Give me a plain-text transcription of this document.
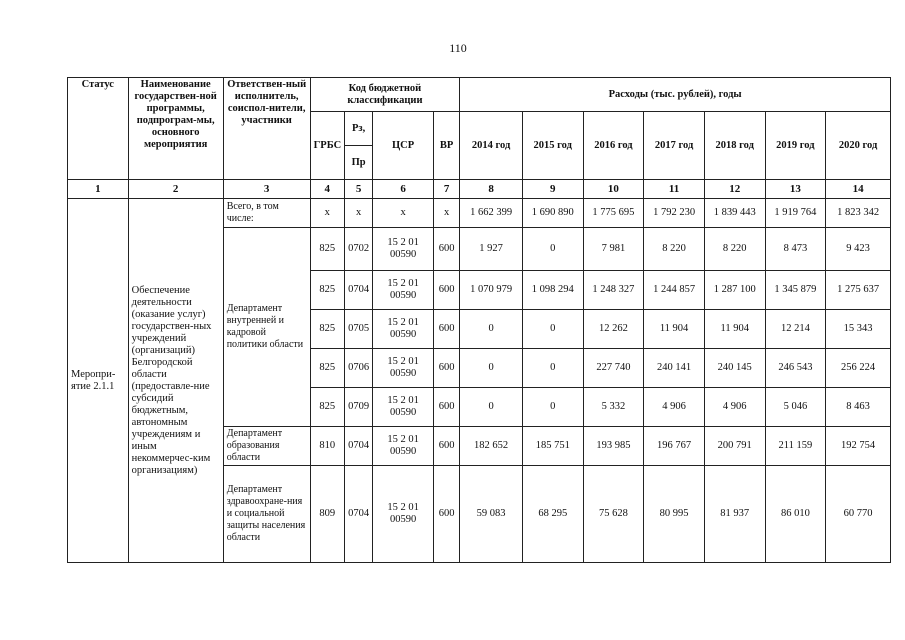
110
Статус	Наименование государствен-ной программы, подпрограм-мы, основного мероприятия	Ответствен-ный исполнитель, соиспол-нители, участники	Код бюджетной классификации				Расходы (тыс. рублей), годы						
			ГРБС	Рз,	ЦСР	ВР	2014 год	2015 год	2016 год	2017 год	2018 год	2019 год	2020 год
				Пр									
1	2	3	4	5	6	7	8	9	10	11	12	13	14
Меропри-ятие 2.1.1	Обеспечение деятельности (оказание услуг) государствен-ных учреждений (организаций) Белгородской области (предоставле-ние субсидий бюджетным, автономным учреждениям и иным некоммерчес-ким организациям)	Всего, в том числе:	х	х	х	х	1 662 399	1 690 890	1 775 695	1 792 230	1 839 443	1 919 764	1 823 342
		Департамент внутренней и кадровой политики области	825	0702	15 2 01 00590	600	1 927	0	7 981	8 220	8 220	8 473	9 423
			825	0704	15 2 01 00590	600	1 070 979	1 098 294	1 248 327	1 244 857	1 287 100	1 345 879	1 275 637
			825	0705	15 2 01 00590	600	0	0	12 262	11 904	11 904	12 214	15 343
			825	0706	15 2 01 00590	600	0	0	227 740	240 141	240 145	246 543	256 224
			825	0709	15 2 01 00590	600	0	0	5 332	4 906	4 906	5 046	8 463
		Департамент образования области	810	0704	15 2 01 00590	600	182 652	185 751	193 985	196 767	200 791	211 159	192 754
		Департамент здравоохране-ния и социальной защиты населения области	809	0704	15 2 01 00590	600	59 083	68 295	75 628	80 995	81 937	86 010	60 770
